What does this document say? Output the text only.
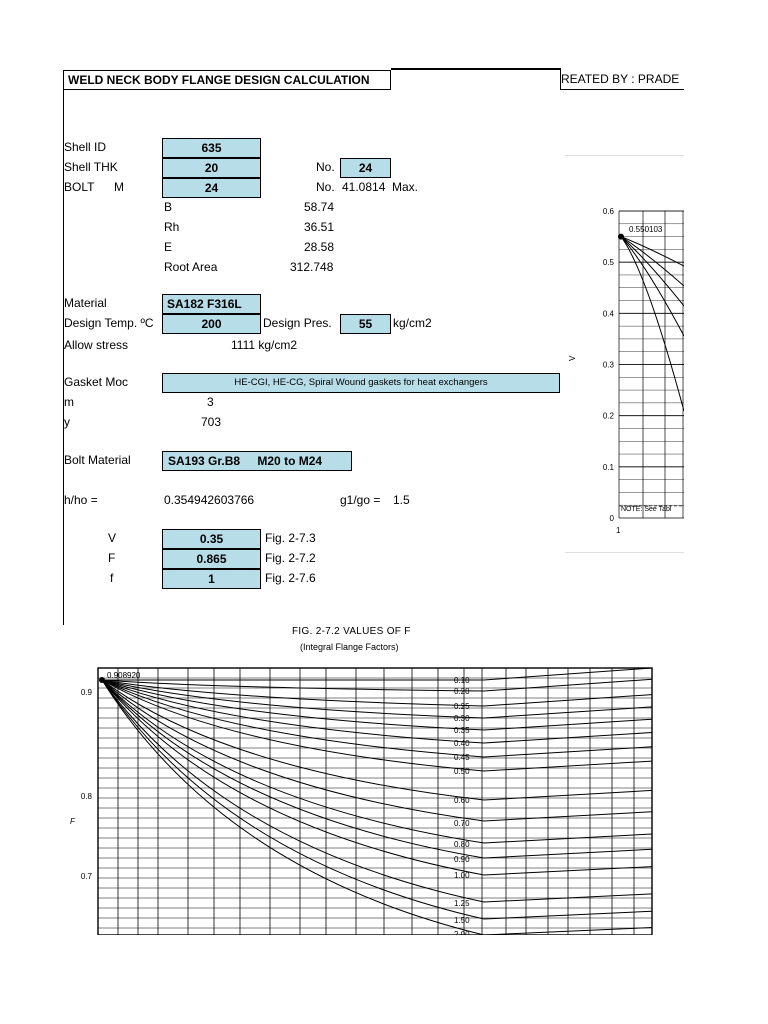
WELD NECK BODY FLANGE DESIGN CALCULATION	REATED BY : PRADE
Shell ID	635
Shell THK	20	No.	24
BOLT M	24	No. 41.0814 Max.
B	58.74
Rh	36.51
E	28.58
Root Area	312.748
Material	SA182 F316L
Design Temp. ºC	200	Design Pres.	55	kg/cm2
Allow stress	1111 kg/cm2
Gasket Moc	HE-CGI, HE-CG, Spiral Wound gaskets for heat exchangers
m	3
y	703
Bolt Material	SA193 Gr.B8 M20 to M24
h/ho =	0.354942603766	g1/go = 1.5
V	0.35	Fig. 2-7.3
F	0.865	Fig. 2-7.2
f	1	Fig. 2-7.6
V
0.550103
NOTE: See Tabl
1
0.6
0.5
0.4
0.3
0.2
0.1
0
FIG. 2-7.2 VALUES OF F
(Integral Flange Factors)
F
0.908920
0.9
0.8
0.7
0.10
0.20
0.25
0.30
0.35
0.40
0.45
0.50
0.60
0.70
0.80
0.90
1.00
1.25
1.50
2.00
